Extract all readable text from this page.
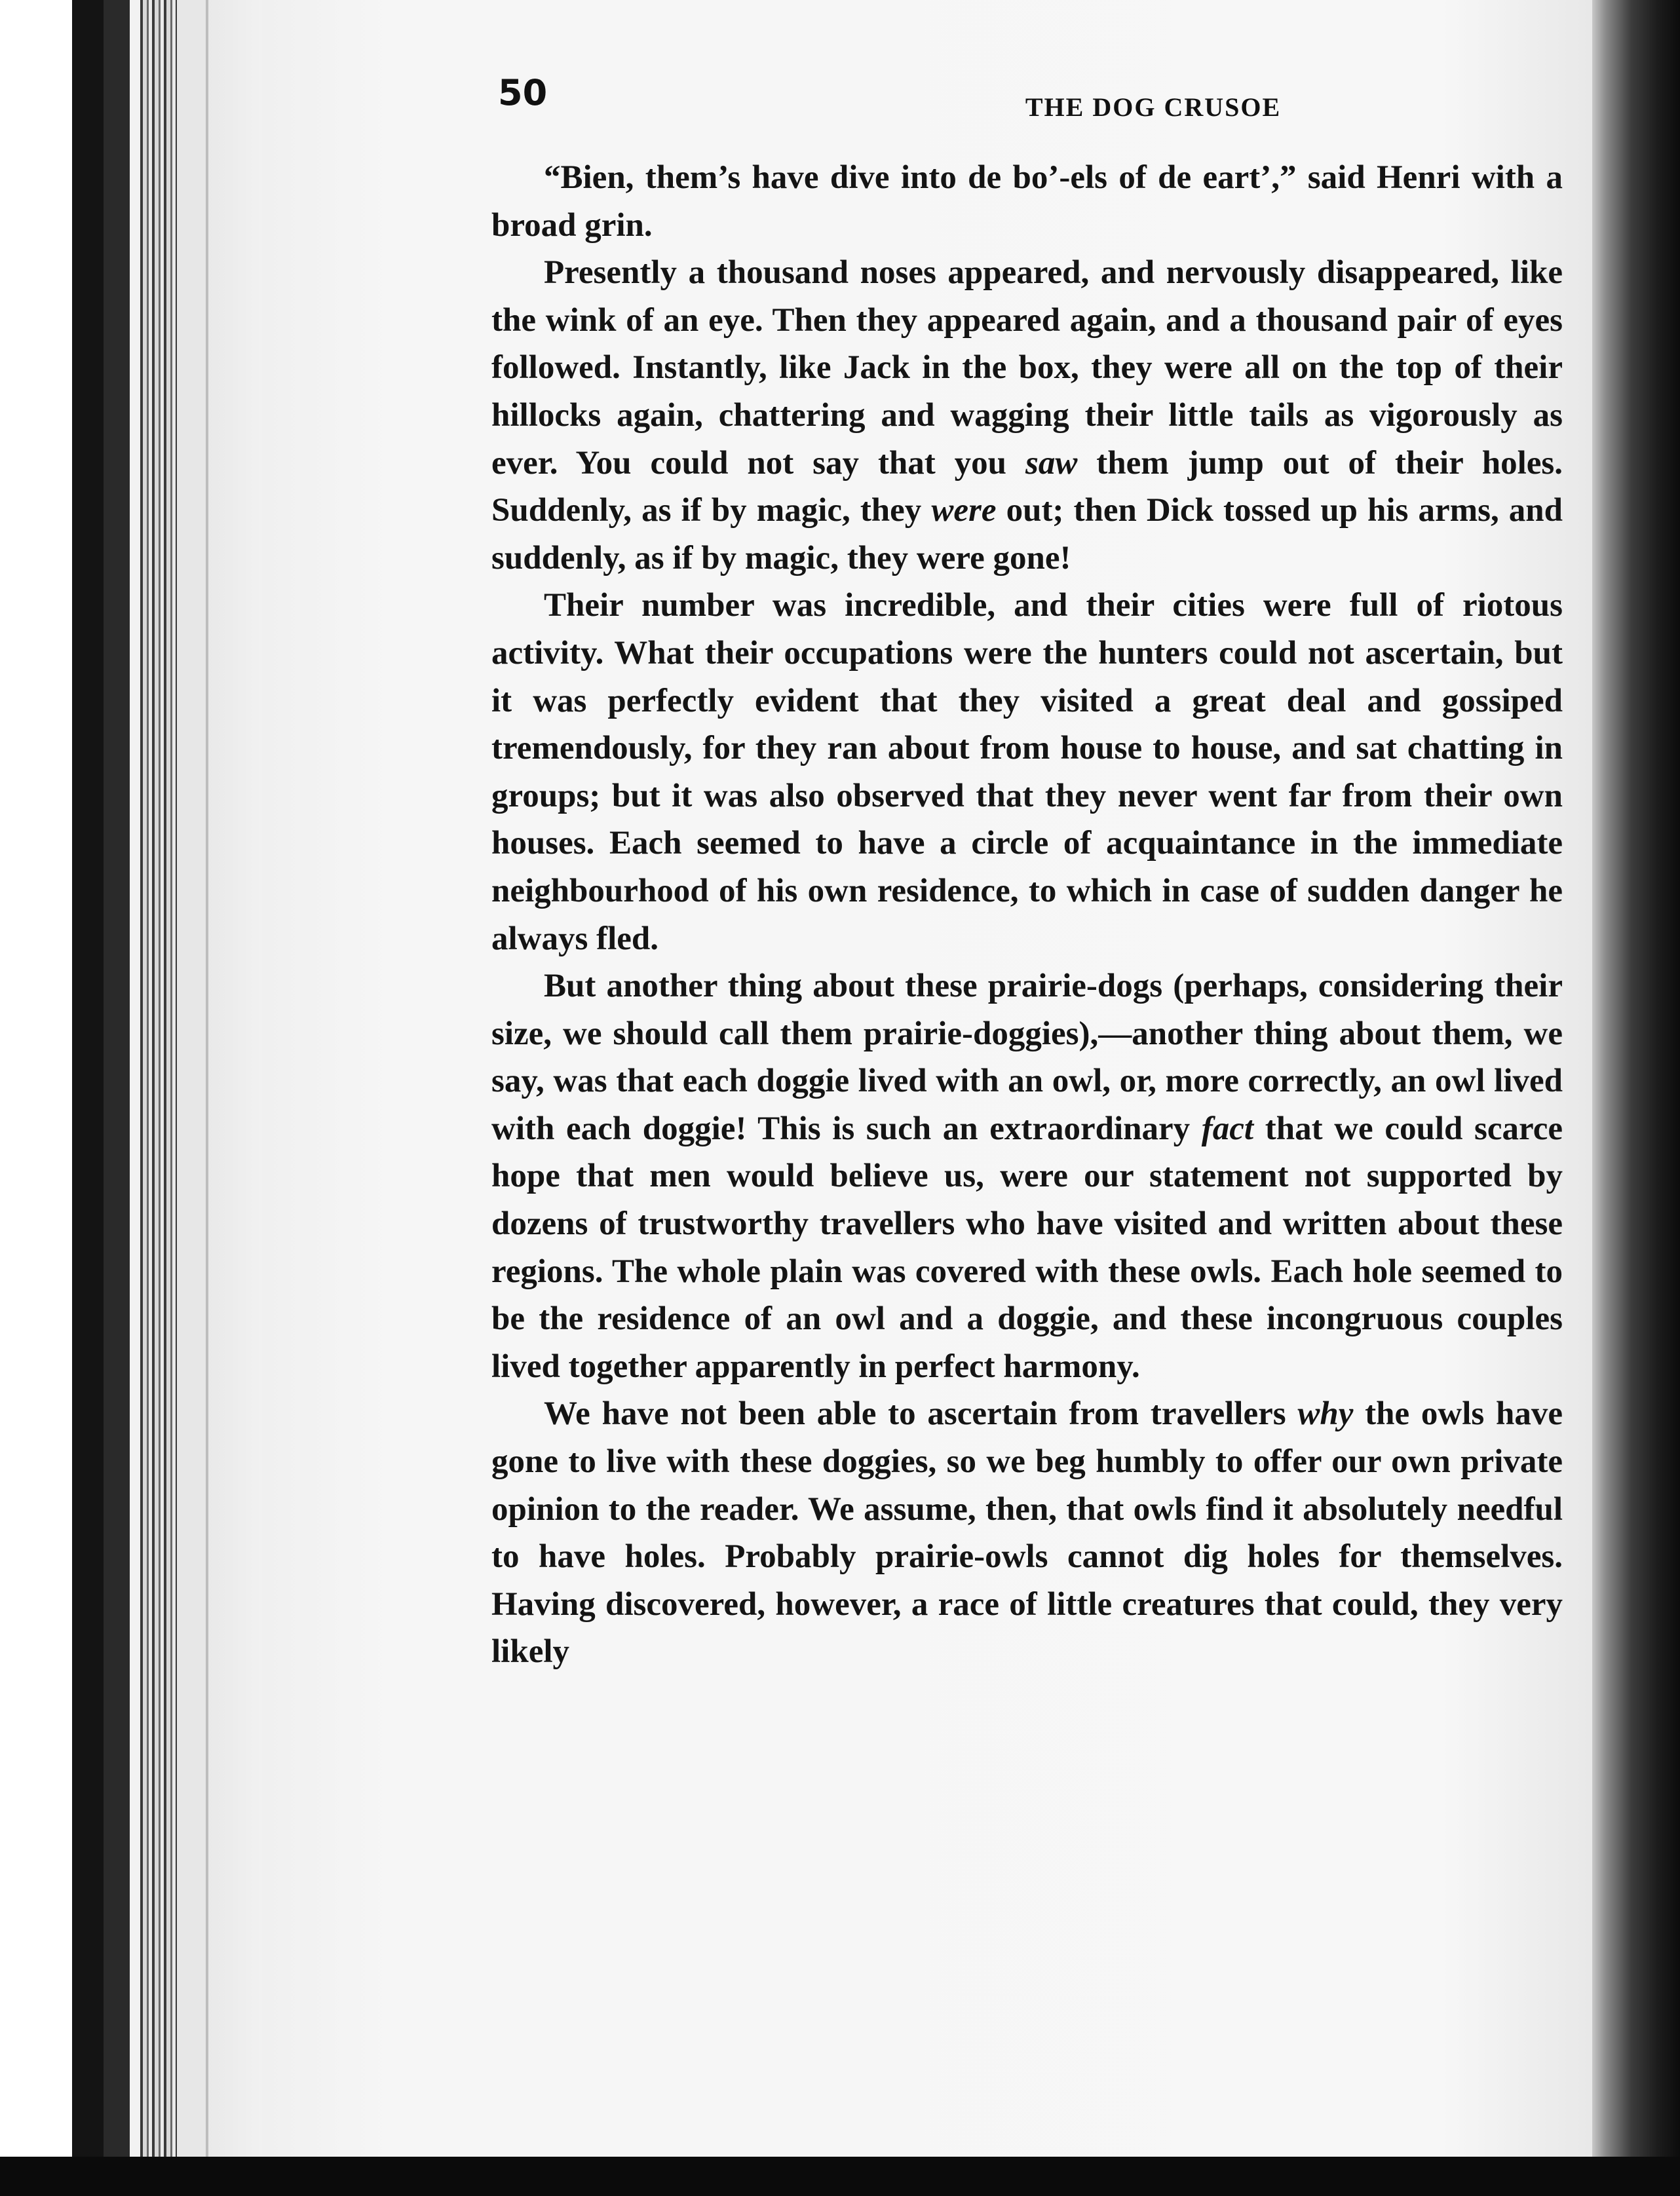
50	THE DOG CRUSOE

“Bien, them’s have dive into de bo’-els of de eart’,” said Henri with a broad grin.

Presently a thousand noses appeared, and nervously disappeared, like the wink of an eye. Then they appeared again, and a thousand pair of eyes followed. Instantly, like Jack in the box, they were all on the top of their hillocks again, chattering and wagging their little tails as vigorously as ever. You could not say that you saw them jump out of their holes. Suddenly, as if by magic, they were out; then Dick tossed up his arms, and suddenly, as if by magic, they were gone!

Their number was incredible, and their cities were full of riotous activity. What their occupations were the hunters could not ascertain, but it was perfectly evident that they visited a great deal and gossiped tremendously, for they ran about from house to house, and sat chatting in groups; but it was also observed that they never went far from their own houses. Each seemed to have a circle of acquaintance in the immediate neighbourhood of his own residence, to which in case of sudden danger he always fled.

But another thing about these prairie-dogs (perhaps, considering their size, we should call them prairie-doggies),—another thing about them, we say, was that each doggie lived with an owl, or, more correctly, an owl lived with each doggie! This is such an extraordinary fact that we could scarce hope that men would believe us, were our statement not supported by dozens of trustworthy travellers who have visited and written about these regions. The whole plain was covered with these owls. Each hole seemed to be the residence of an owl and a doggie, and these incongruous couples lived together apparently in perfect harmony.

We have not been able to ascertain from travellers why the owls have gone to live with these doggies, so we beg humbly to offer our own private opinion to the reader. We assume, then, that owls find it absolutely needful to have holes. Probably prairie-owls cannot dig holes for themselves. Having discovered, however, a race of little creatures that could, they very likely
